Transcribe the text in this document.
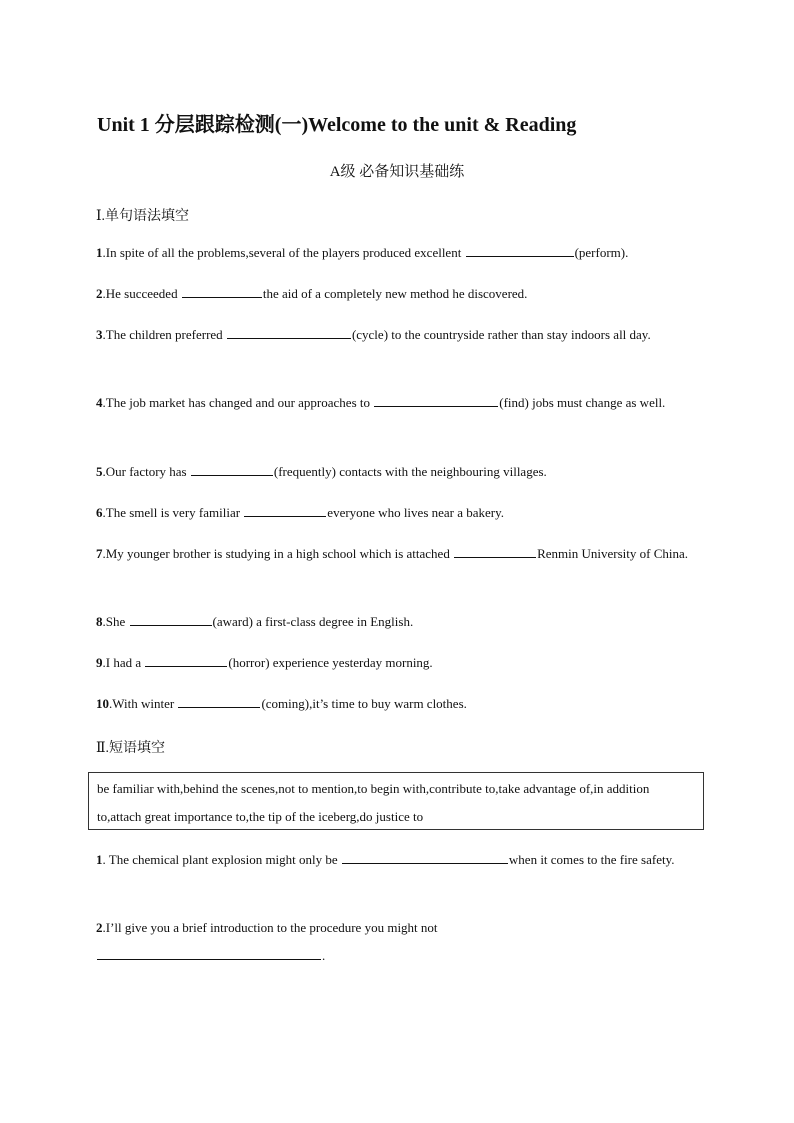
Unit 1 分层跟踪检测(一)Welcome to the unit & Reading
A级 必备知识基础练
Ⅰ.单句语法填空
1.In spite of all the problems,several of the players produced excellent	(perform).
2.He succeeded	the aid of a completely new method he discovered.
3.The children preferred	(cycle) to the countryside rather than stay indoors all day.
4.The job market has changed and our approaches to	(find) jobs must change as well.
5.Our factory has	(frequently) contacts with the neighbouring villages.
6.The smell is very familiar	everyone who lives near a bakery.
7.My younger brother is studying in a high school which is attached	Renmin University of China.
8.She	(award) a first-class degree in English.
9.I had a	(horror) experience yesterday morning.
10.With winter	(coming),it’s time to buy warm clothes.
Ⅱ.短语填空
be familiar with,behind the scenes,not to mention,to begin with,contribute to,take advantage of,in addition to,attach great importance to,the tip of the iceberg,do justice to
1. The chemical plant explosion might only be	when it comes to the fire safety.
2.I’ll give you a brief introduction to the procedure you might not .
